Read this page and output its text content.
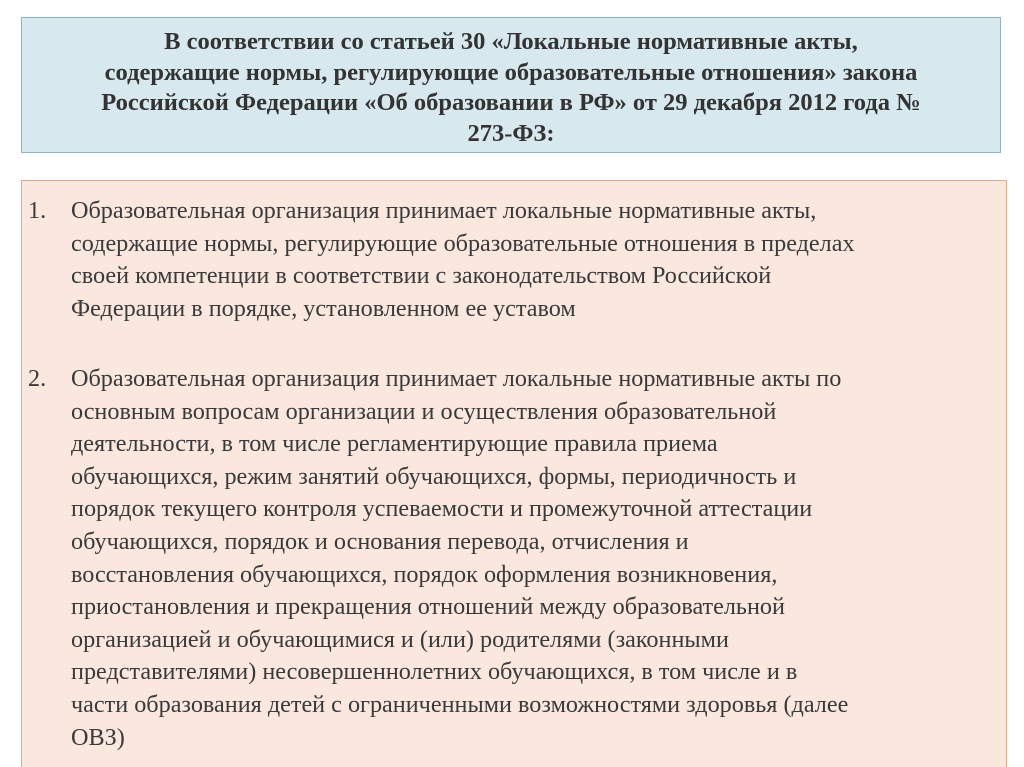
В соответствии со статьей 30 «Локальные нормативные акты,
содержащие нормы, регулирующие образовательные отношения» закона
Российской Федерации «Об образовании в РФ» от 29 декабря 2012 года №
273-ФЗ:
1.	Образовательная организация принимает локальные нормативные акты,
содержащие нормы, регулирующие образовательные отношения в пределах
своей компетенции в соответствии с законодательством Российской
Федерации в порядке, установленном ее уставом
2.	Образовательная организация принимает локальные нормативные акты по
основным вопросам организации и осуществления образовательной
деятельности, в том числе регламентирующие правила приема
обучающихся, режим занятий обучающихся, формы, периодичность и
порядок текущего контроля успеваемости и промежуточной аттестации
обучающихся, порядок и основания перевода, отчисления и
восстановления обучающихся, порядок оформления возникновения,
приостановления и прекращения отношений между образовательной
организацией и обучающимися и (или) родителями (законными
представителями) несовершеннолетних обучающихся, в том числе и в
части образования детей с ограниченными возможностями здоровья (далее
ОВЗ)
